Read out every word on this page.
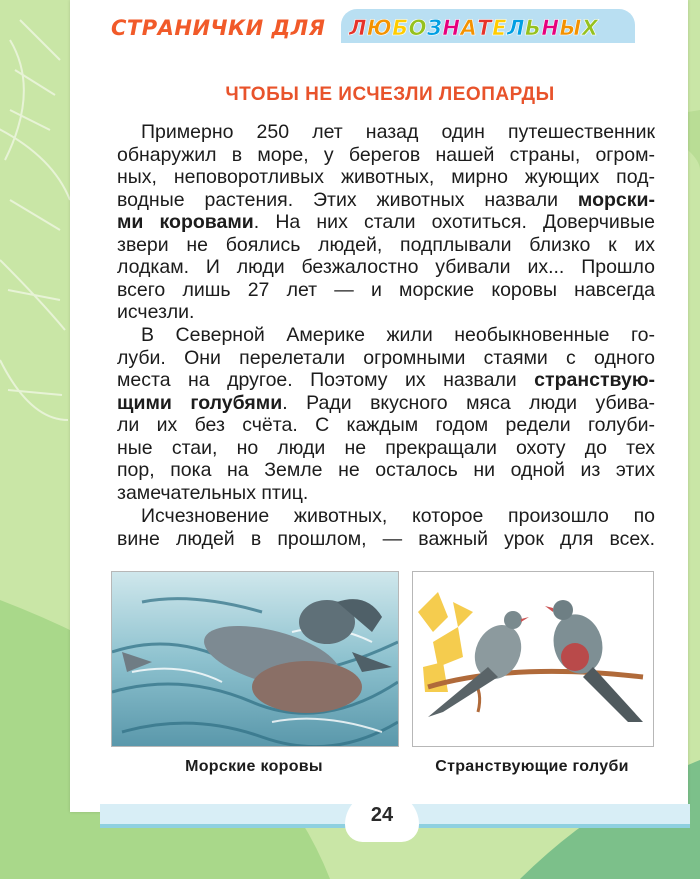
СТРАНИЧКИ ДЛЯ ЛЮБОЗНАТЕЛЬНЫХ
ЧТОБЫ НЕ ИСЧЕЗЛИ ЛЕОПАРДЫ
Примерно 250 лет назад один путешественник
обнаружил в море, у берегов нашей страны, огром-
ных, неповоротливых животных, мирно жующих под-
водные растения. Этих животных назвали морски-
ми коровами. На них стали охотиться. Доверчивые
звери не боялись людей, подплывали близко к их
лодкам. И люди безжалостно убивали их... Прошло
всего лишь 27 лет — и морские коровы навсегда
исчезли.
В Северной Америке жили необыкновенные го-
луби. Они перелетали огромными стаями с одного
места на другое. Поэтому их назвали странствую-
щими голубями. Ради вкусного мяса люди убива-
ли их без счёта. С каждым годом редели голуби-
ные стаи, но люди не прекращали охоту до тех
пор, пока на Земле не осталось ни одной из этих
замечательных птиц.
Исчезновение животных, которое произошло по
вине людей в прошлом, — важный урок для всех.
Морские коровы	Странствующие голуби
24
